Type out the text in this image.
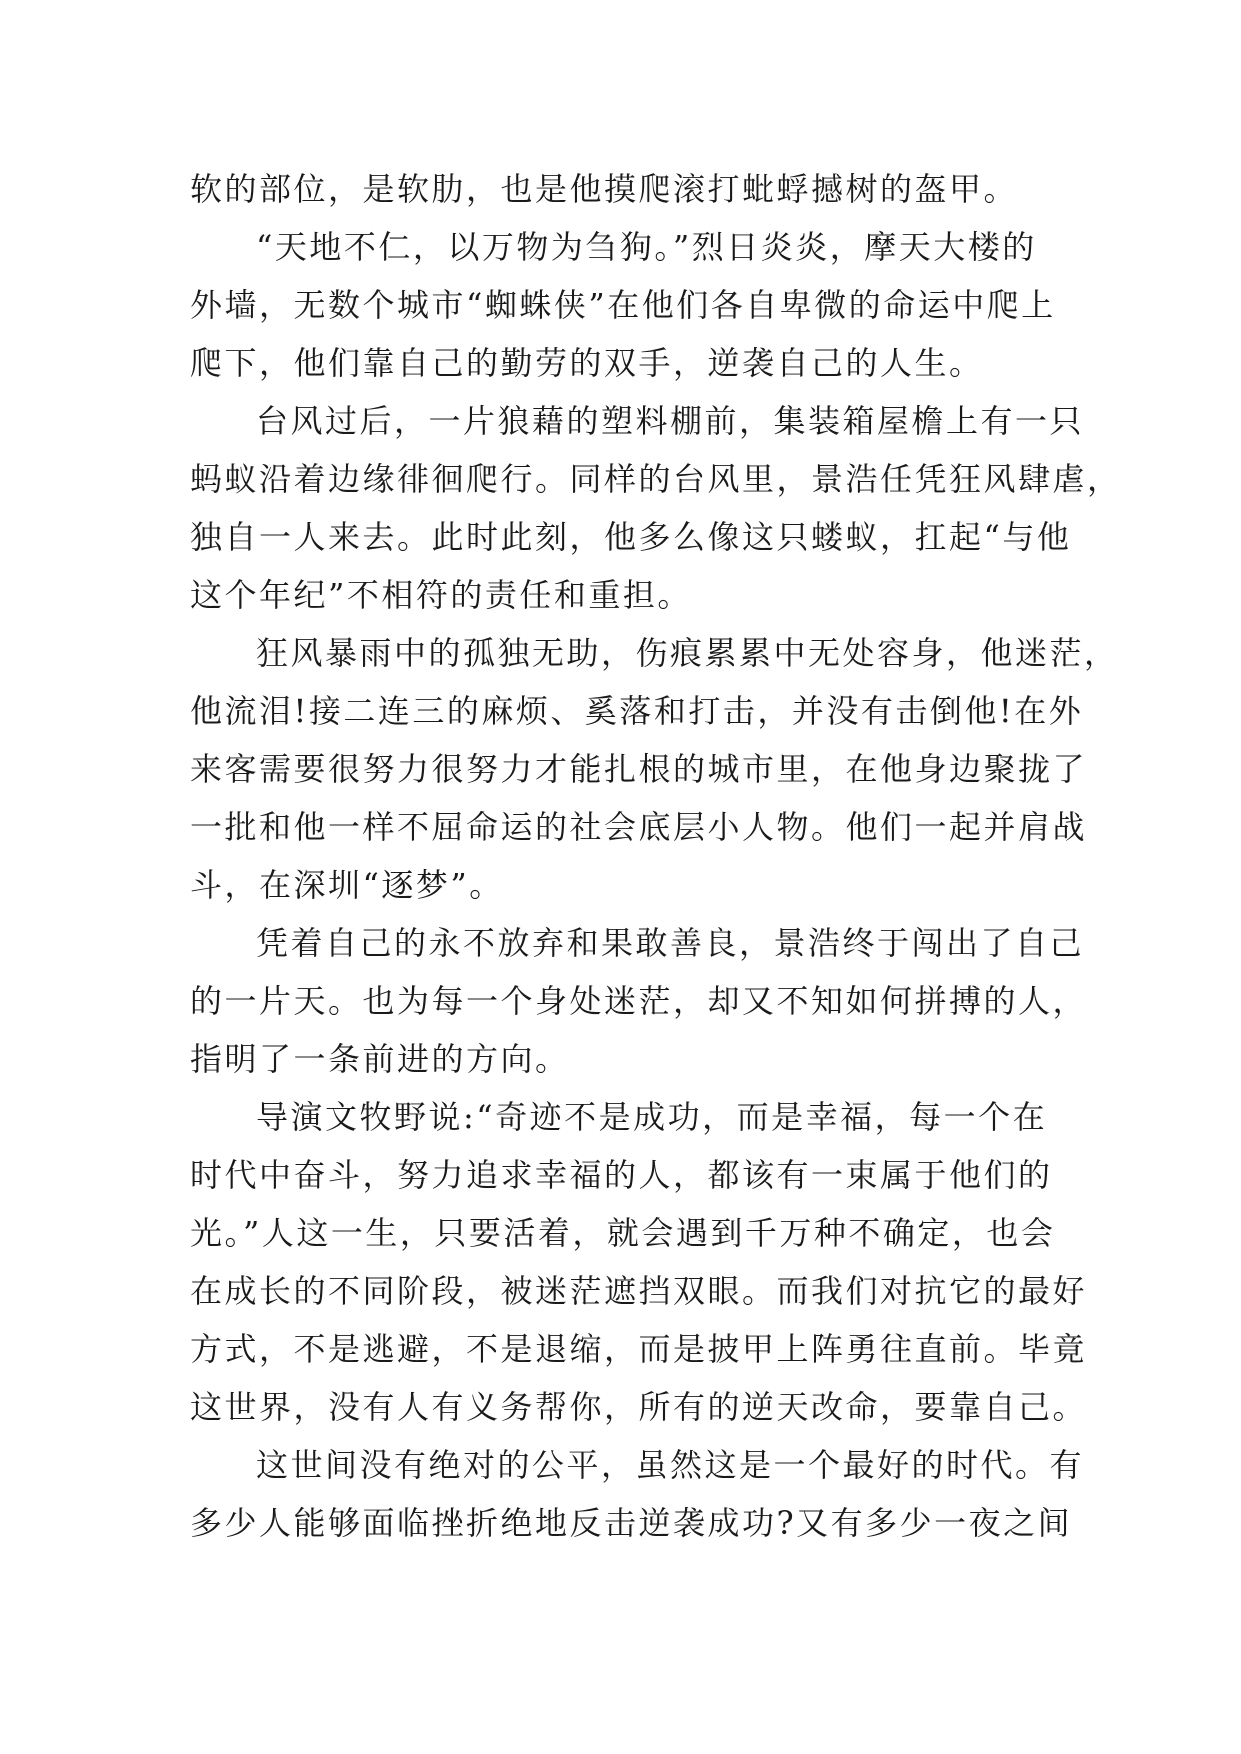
软的部位，是软肋，也是他摸爬滚打蚍蜉撼树的盔甲。
“天地不仁，以万物为刍狗。”烈日炎炎，摩天大楼的
外墙，无数个城市“蜘蛛侠”在他们各自卑微的命运中爬上
爬下，他们靠自己的勤劳的双手，逆袭自己的人生。
台风过后，一片狼藉的塑料棚前，集装箱屋檐上有一只
蚂蚁沿着边缘徘徊爬行。同样的台风里，景浩任凭狂风肆虐，
独自一人来去。此时此刻，他多么像这只蝼蚁，扛起“与他
这个年纪”不相符的责任和重担。
狂风暴雨中的孤独无助，伤痕累累中无处容身，他迷茫，
他流泪!接二连三的麻烦、奚落和打击，并没有击倒他!在外
来客需要很努力很努力才能扎根的城市里，在他身边聚拢了
一批和他一样不屈命运的社会底层小人物。他们一起并肩战
斗，在深圳“逐梦”。
凭着自己的永不放弃和果敢善良，景浩终于闯出了自己
的一片天。也为每一个身处迷茫，却又不知如何拼搏的人，
指明了一条前进的方向。
导演文牧野说:“奇迹不是成功，而是幸福，每一个在
时代中奋斗，努力追求幸福的人，都该有一束属于他们的
光。”人这一生，只要活着，就会遇到千万种不确定，也会
在成长的不同阶段，被迷茫遮挡双眼。而我们对抗它的最好
方式，不是逃避，不是退缩，而是披甲上阵勇往直前。毕竟
这世界，没有人有义务帮你，所有的逆天改命，要靠自己。
这世间没有绝对的公平，虽然这是一个最好的时代。有
多少人能够面临挫折绝地反击逆袭成功?又有多少一夜之间
